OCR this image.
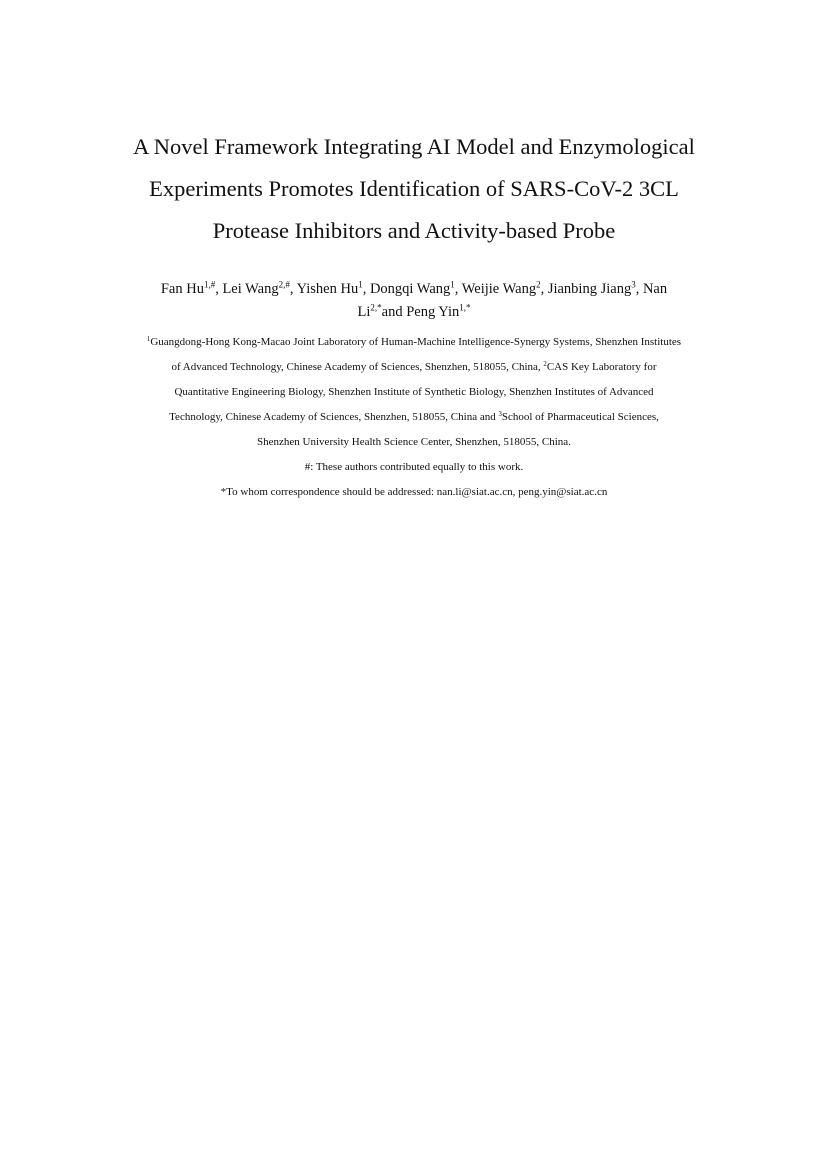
A Novel Framework Integrating AI Model and Enzymological
Experiments Promotes Identification of SARS-CoV-2 3CL
Protease Inhibitors and Activity-based Probe
Fan $Hu^{1,\#}$, Lei Wang$^{2,\#}$, Yishen Hu$^1$, Dongqi Wang$^1$, Weijie Wang$^2$, Jianbing Jiang$^3$, Nan
$Li^{2,*}and$ Peng Yin$^{1,*}$
$^1$Guangdong-Hong Kong-Macao Joint Laboratory of Human-Machine Intelligence-Synergy Systems, Shenzhen Institutes
of Advanced Technology, Chinese Academy of Sciences, Shenzhen, 518055, China, $^2$CAS Key Laboratory for
Quantitative Engineering Biology, Shenzhen Institute of Synthetic Biology, Shenzhen Institutes of Advanced
Technology, Chinese Academy of Sciences, Shenzhen, 518055, China and $^3$School of Pharmaceutical Sciences,
Shenzhen University Health Science Center, Shenzhen, 518055, China.
#: These authors contributed equally to this work.
*To whom correspondence should be addressed: nan.li@siat.ac.cn, peng.yin@siat.ac.cn
